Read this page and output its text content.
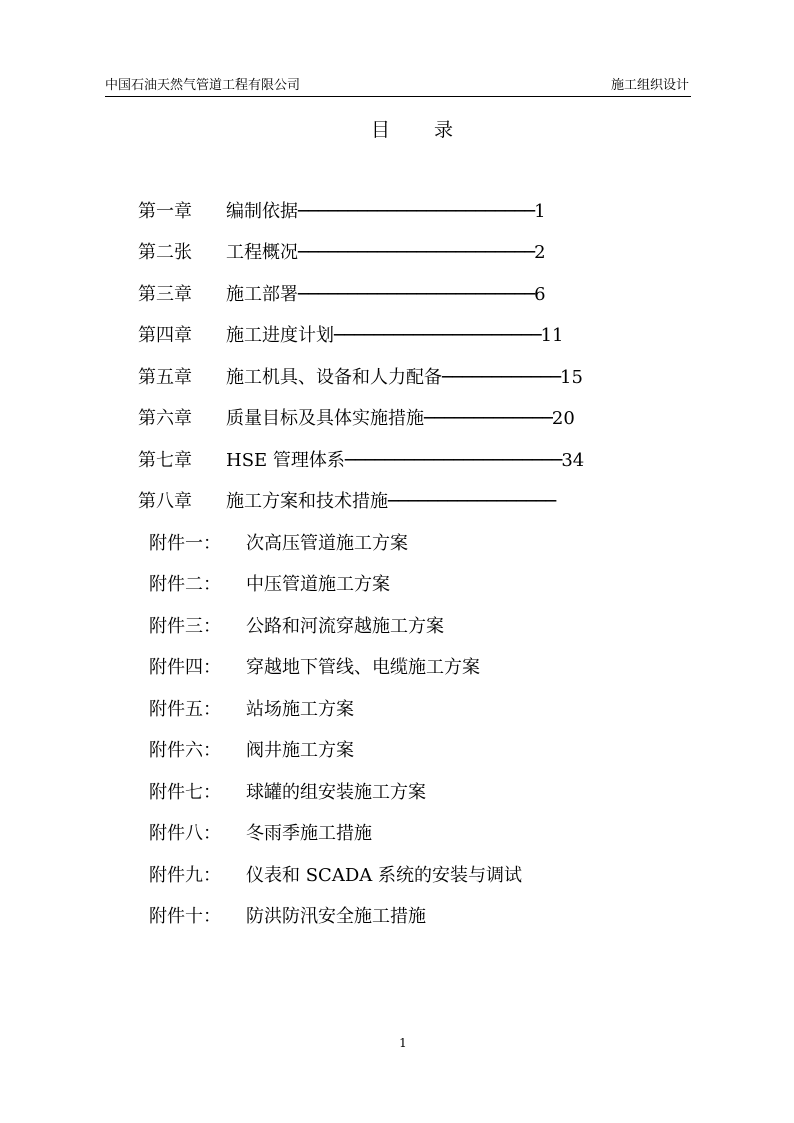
中国石油天然气管道工程有限公司	施工组织设计
目 录
第一章 编制依据────────────────────────1
第二张 工程概况────────────────────────2
第三章 施工部署────────────────────────6
第四章 施工进度计划─────────────────────11
第五章 施工机具、设备和人力配备────────────15
第六章 质量目标及具体实施措施─────────────20
第七章 HSE 管理体系──────────────────────34
第八章 施工方案和技术措施─────────────────
附件一： 次高压管道施工方案
附件二： 中压管道施工方案
附件三： 公路和河流穿越施工方案
附件四： 穿越地下管线、电缆施工方案
附件五： 站场施工方案
附件六： 阀井施工方案
附件七： 球罐的组安装施工方案
附件八： 冬雨季施工措施
附件九： 仪表和 SCADA 系统的安装与调试
附件十： 防洪防汛安全施工措施
1
